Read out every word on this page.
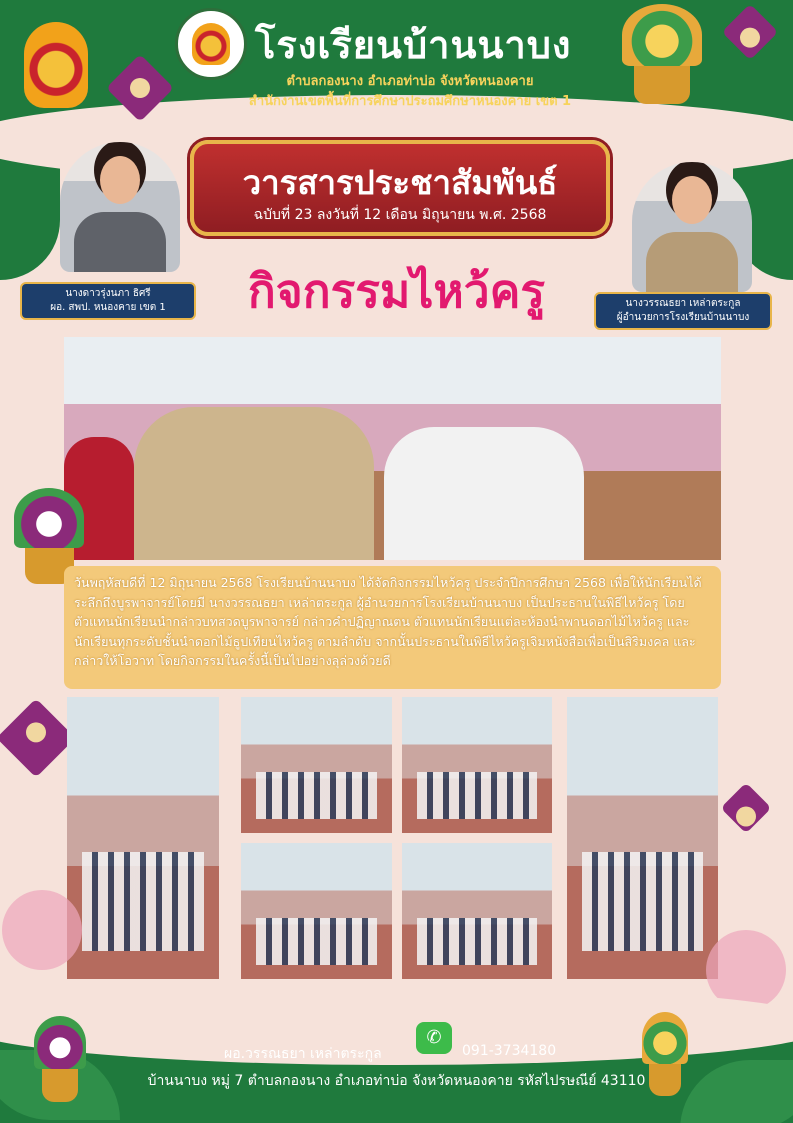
โรงเรียนบ้านนาบง
ตำบลกองนาง อำเภอท่าบ่อ จังหวัดหนองคาย
สำนักงานเขตพื้นที่การศึกษาประถมศึกษาหนองคาย เขต 1
วารสารประชาสัมพันธ์
ฉบับที่ 23 ลงวันที่ 12 เดือน มิถุนายน พ.ศ. 2568
นางดาวรุ่งนภา ธิศรี
ผอ. สพป. หนองคาย เขต 1	นางวรรณธยา เหล่าตระกูล
ผู้อำนวยการโรงเรียนบ้านนาบง
กิจกรรมไหว้ครู

วันพฤหัสบดีที่ 12 มิถุนายน 2568 โรงเรียนบ้านนาบง ได้จัดกิจกรรมไหว้ครู ประจำปีการศึกษา 2568 เพื่อให้นักเรียนได้ระลึกถึงบูรพาจารย์โดยมี นางวรรณธยา เหล่าตระกูล ผู้อำนวยการโรงเรียนบ้านนาบง เป็นประธานในพิธีไหว้ครู โดยตัวแทนนักเรียนนำกล่าวบทสวดบูรพาจารย์ กล่าวคำปฏิญาณตน ตัวแทนนักเรียนแต่ละห้องนำพานดอกไม้ไหว้ครู และนักเรียนทุกระดับชั้นนำดอกไม้ธูปเทียนไหว้ครู ตามลำดับ จากนั้นประธานในพิธีไหว้ครูเจิมหนังสือเพื่อเป็นสิริมงคล และกล่าวให้โอวาท โดยกิจกรรมในครั้งนี้เป็นไปอย่างลุล่วงด้วยดี

ผอ.วรรณธยา เหล่าตระกูล
✆
091-3734180
บ้านนาบง หมู่ 7 ตำบลกองนาง อำเภอท่าบ่อ จังหวัดหนองคาย รหัสไปรษณีย์ 43110
